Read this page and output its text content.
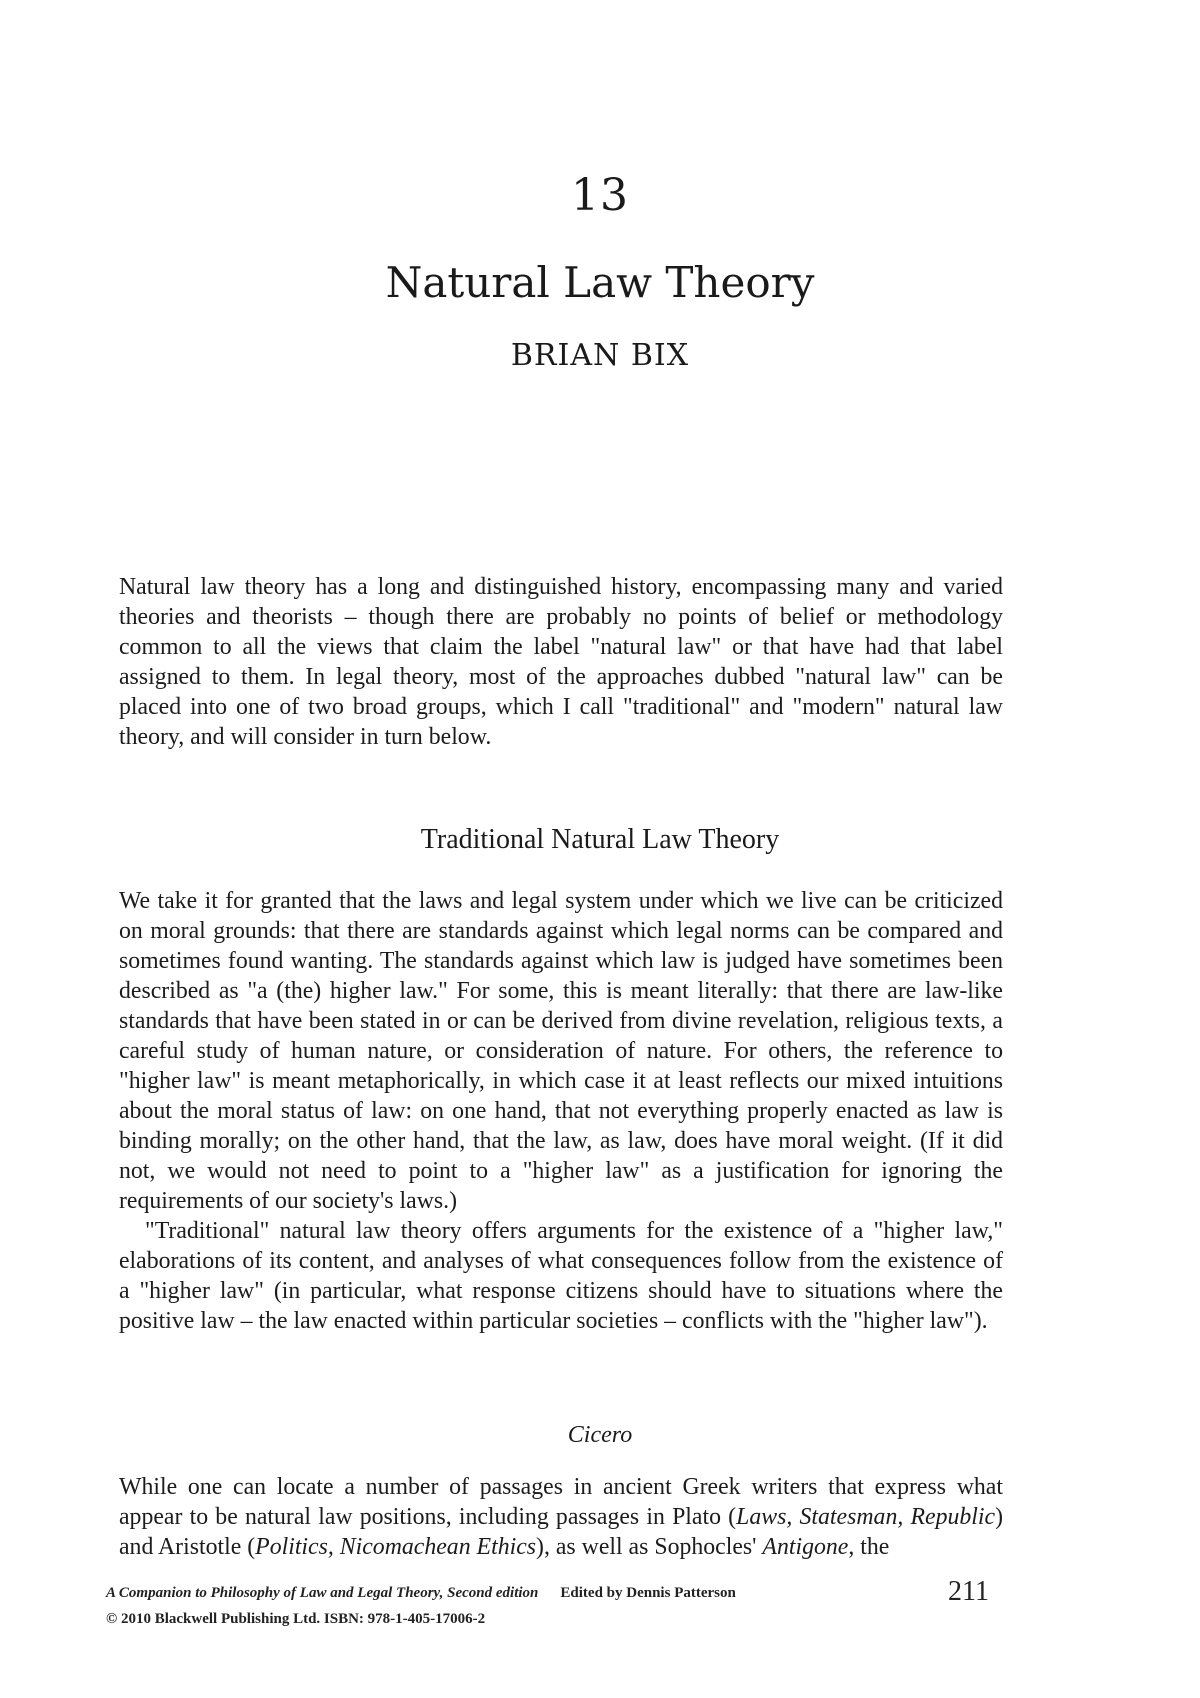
13
Natural Law Theory
BRIAN BIX

Natural law theory has a long and distinguished history, encompassing many and varied theories and theorists – though there are probably no points of belief or methodology common to all the views that claim the label "natural law" or that have had that label assigned to them. In legal theory, most of the approaches dubbed "natural law" can be placed into one of two broad groups, which I call "traditional" and "modern" natural law theory, and will consider in turn below.

Traditional Natural Law Theory

We take it for granted that the laws and legal system under which we live can be criticized on moral grounds: that there are standards against which legal norms can be compared and sometimes found wanting. The standards against which law is judged have sometimes been described as "a (the) higher law." For some, this is meant literally: that there are law-like standards that have been stated in or can be derived from divine revelation, religious texts, a careful study of human nature, or consideration of nature. For others, the reference to "higher law" is meant metaphorically, in which case it at least reflects our mixed intuitions about the moral status of law: on one hand, that not everything properly enacted as law is binding morally; on the other hand, that the law, as law, does have moral weight. (If it did not, we would not need to point to a "higher law" as a justification for ignoring the requirements of our society's laws.)

"Traditional" natural law theory offers arguments for the existence of a "higher law," elaborations of its content, and analyses of what consequences follow from the existence of a "higher law" (in particular, what response citizens should have to situations where the positive law – the law enacted within particular societies – conflicts with the "higher law").

Cicero

While one can locate a number of passages in ancient Greek writers that express what appear to be natural law positions, including passages in Plato (Laws, Statesman, Republic) and Aristotle (Politics, Nicomachean Ethics), as well as Sophocles' Antigone, the

A Companion to Philosophy of Law and Legal Theory, Second edition Edited by Dennis Patterson
© 2010 Blackwell Publishing Ltd. ISBN: 978-1-405-17006-2
211
